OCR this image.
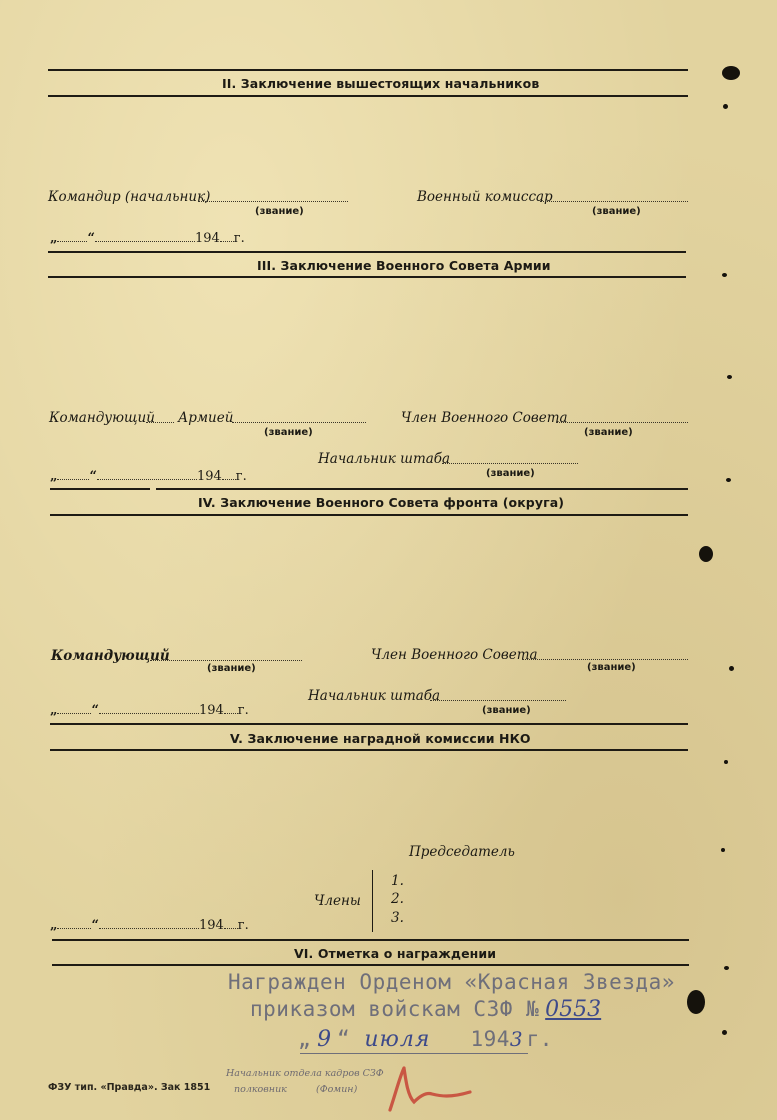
II. Заключение вышестоящих начальников
Командир (начальник)
(звание)
Военный комиссар
(звание)
„ “	194 г.
III. Заключение Военного Совета Армии
Командующий Армией
(звание)
Член Военного Совета
(звание)
Начальник штаба
(звание)
„ “	194 г.
IV. Заключение Военного Совета фронта (округа)
Командующий
(звание)
Член Военного Совета
(звание)
Начальник штаба
(звание)
„	“	194 г.
V. Заключение наградной комиссии НКО
Председатель
Члены
1.
2.
3.
„	“	194 г.
VI. Отметка о награждении
Награжден Орденом «Красная Звезда»
приказом войскам СЗФ № 0553
„ 9 “ июля 1943 г.
Начальник отдела кадров СЗФ
полковник	(Фомин)
ФЗУ тип. «Правда». Зак 1851
